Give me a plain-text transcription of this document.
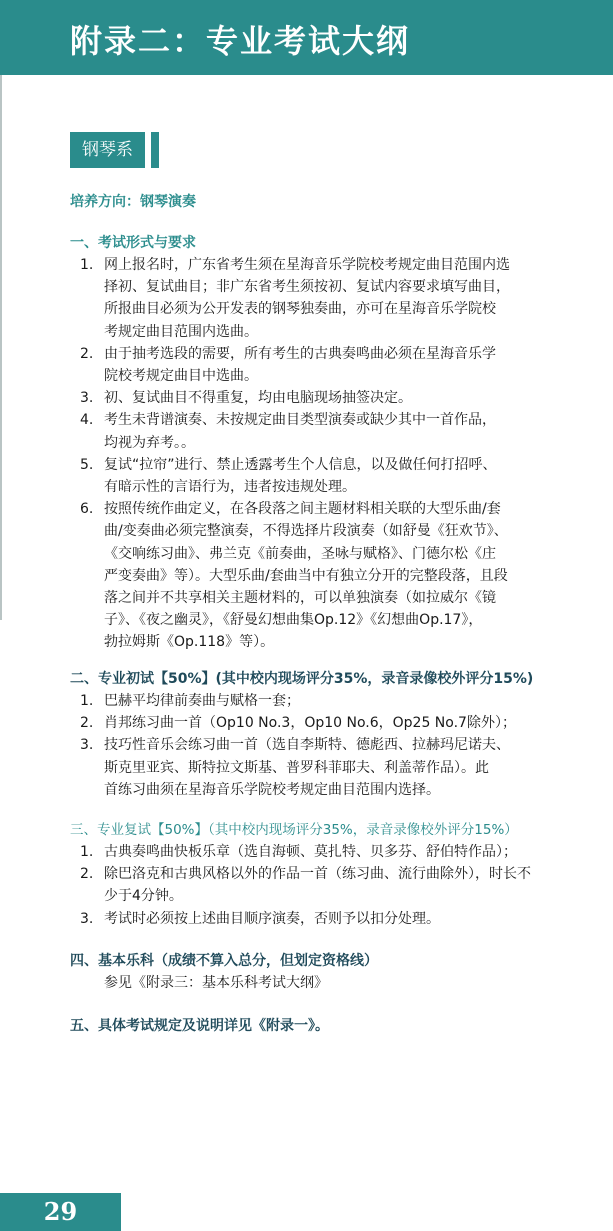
附录二：专业考试大纲
钢琴系
培养方向：钢琴演奏
一、考试形式与要求
1. 网上报名时，广东省考生须在星海音乐学院校考规定曲目范围内选
择初、复试曲目；非广东省考生须按初、复试内容要求填写曲目，
所报曲目必须为公开发表的钢琴独奏曲，亦可在星海音乐学院校
考规定曲目范围内选曲。
2. 由于抽考选段的需要，所有考生的古典奏鸣曲必须在星海音乐学
院校考规定曲目中选曲。
3. 初、复试曲目不得重复，均由电脑现场抽签决定。
4. 考生未背谱演奏、未按规定曲目类型演奏或缺少其中一首作品，
均视为弃考。。
5. 复试“拉帘”进行、禁止透露考生个人信息，以及做任何打招呼、
有暗示性的言语行为，违者按违规处理。
6. 按照传统作曲定义，在各段落之间主题材料相关联的大型乐曲/套
曲/变奏曲必须完整演奏，不得选择片段演奏（如舒曼《狂欢节》、
《交响练习曲》、弗兰克《前奏曲，圣咏与赋格》、门德尔松《庄
严变奏曲》等）。大型乐曲/套曲当中有独立分开的完整段落，且段
落之间并不共享相关主题材料的，可以单独演奏（如拉威尔《镜
子》、《夜之幽灵》，《舒曼幻想曲集Op.12》《幻想曲Op.17》，
勃拉姆斯《Op.118》等）。
二、专业初试【50%】(其中校内现场评分35%，录音录像校外评分15%)
1. 巴赫平均律前奏曲与赋格一套；
2. 肖邦练习曲一首（Op10 No.3，Op10 No.6，Op25 No.7除外）；
3. 技巧性音乐会练习曲一首（选自李斯特、德彪西、拉赫玛尼诺夫、
斯克里亚宾、斯特拉文斯基、普罗科菲耶夫、利盖蒂作品）。此
首练习曲须在星海音乐学院校考规定曲目范围内选择。
三、专业复试【50%】（其中校内现场评分35%，录音录像校外评分15%）
1. 古典奏鸣曲快板乐章（选自海顿、莫扎特、贝多芬、舒伯特作品）；
2. 除巴洛克和古典风格以外的作品一首（练习曲、流行曲除外），时长不
少于4分钟。
3. 考试时必须按上述曲目顺序演奏，否则予以扣分处理。
四、基本乐科（成绩不算入总分，但划定资格线）
参见《附录三：基本乐科考试大纲》
五、具体考试规定及说明详见《附录一》。
29
